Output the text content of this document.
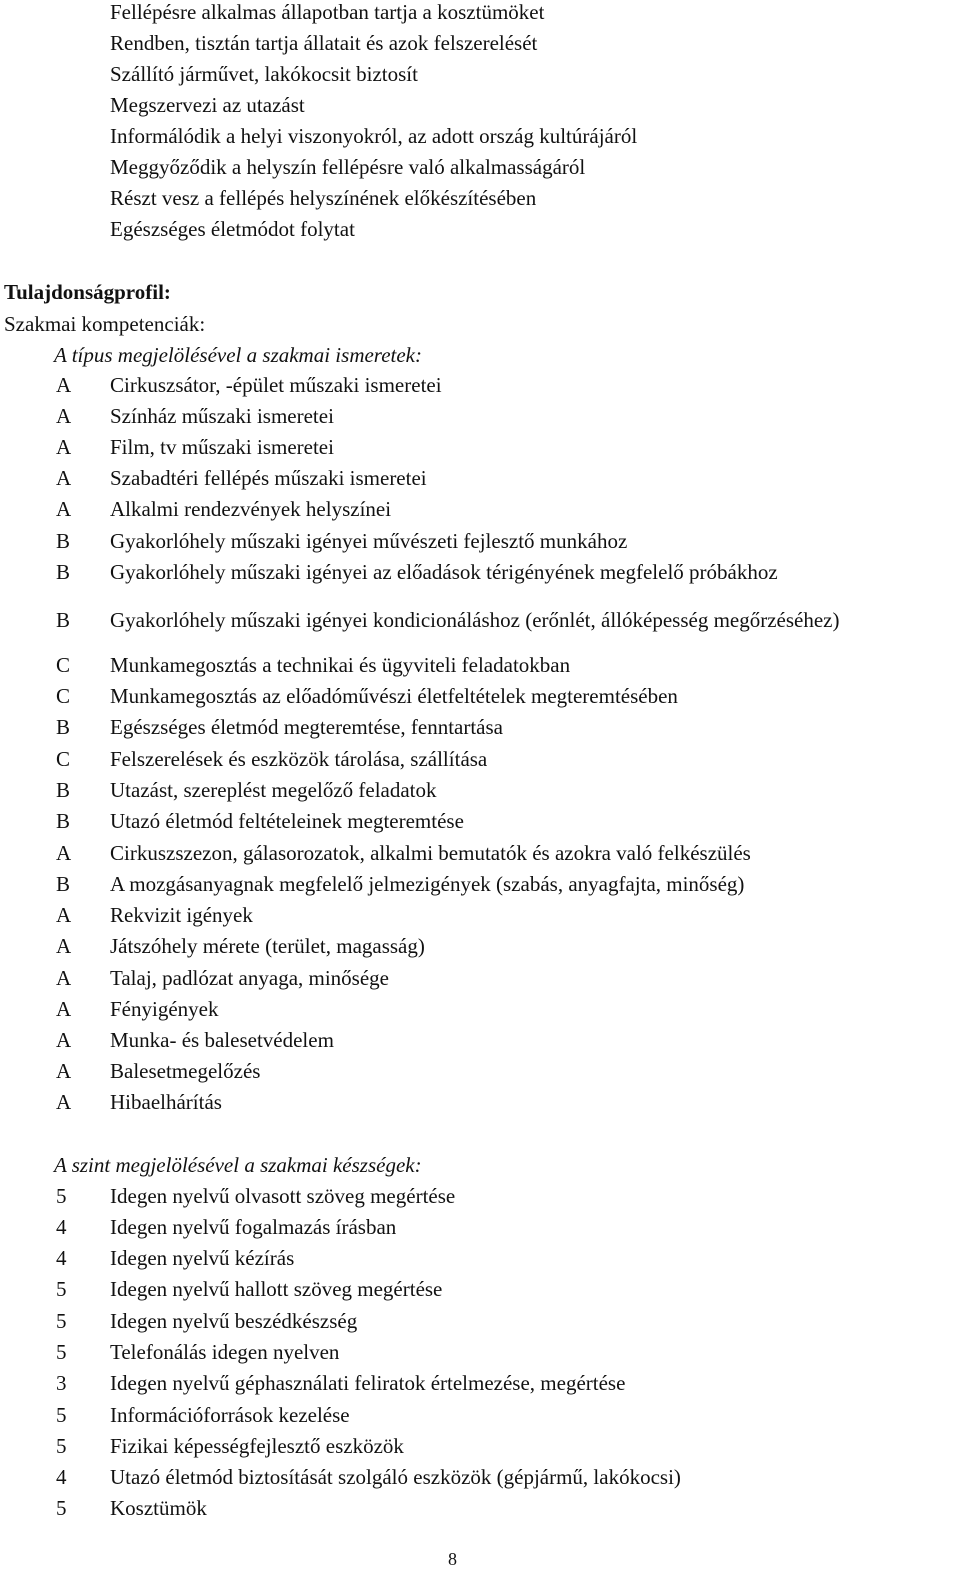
Fellépésre alkalmas állapotban tartja a kosztümöket
Rendben, tisztán tartja állatait és azok felszerelését
Szállító járművet, lakókocsit biztosít
Megszervezi az utazást
Informálódik a helyi viszonyokról, az adott ország kultúrájáról
Meggyőződik a helyszín fellépésre való alkalmasságáról
Részt vesz a fellépés helyszínének előkészítésében
Egészséges életmódot folytat
Tulajdonságprofil:
Szakmai kompetenciák:
A típus megjelölésével a szakmai ismeretek:
A	Cirkuszsátor, -épület műszaki ismeretei
A	Színház műszaki ismeretei
A	Film, tv műszaki ismeretei
A	Szabadtéri fellépés műszaki ismeretei
A	Alkalmi rendezvények helyszínei
B	Gyakorlóhely műszaki igényei művészeti fejlesztő munkához
B	Gyakorlóhely műszaki igényei az előadások térigényének megfelelő próbákhoz
B	Gyakorlóhely műszaki igényei kondicionáláshoz (erőnlét, állóképesség megőrzéséhez)
C	Munkamegosztás a technikai és ügyviteli feladatokban
C	Munkamegosztás az előadóművészi életfeltételek megteremtésében
B	Egészséges életmód megteremtése, fenntartása
C	Felszerelések és eszközök tárolása, szállítása
B	Utazást, szereplést megelőző feladatok
B	Utazó életmód feltételeinek megteremtése
A	Cirkuszszezon, gálasorozatok, alkalmi bemutatók és azokra való felkészülés
B	A mozgásanyagnak megfelelő jelmezigények (szabás, anyagfajta, minőség)
A	Rekvizit igények
A	Játszóhely mérete (terület, magasság)
A	Talaj, padlózat anyaga, minősége
A	Fényigények
A	Munka- és balesetvédelem
A	Balesetmegelőzés
A	Hibaelhárítás
A szint megjelölésével a szakmai készségek:
5	Idegen nyelvű olvasott szöveg megértése
4	Idegen nyelvű fogalmazás írásban
4	Idegen nyelvű kézírás
5	Idegen nyelvű hallott szöveg megértése
5	Idegen nyelvű beszédkészség
5	Telefonálás idegen nyelven
3	Idegen nyelvű géphasználati feliratok értelmezése, megértése
5	Információforrások kezelése
5	Fizikai képességfejlesztő eszközök
4	Utazó életmód biztosítását szolgáló eszközök (gépjármű, lakókocsi)
5	Kosztümök
8
